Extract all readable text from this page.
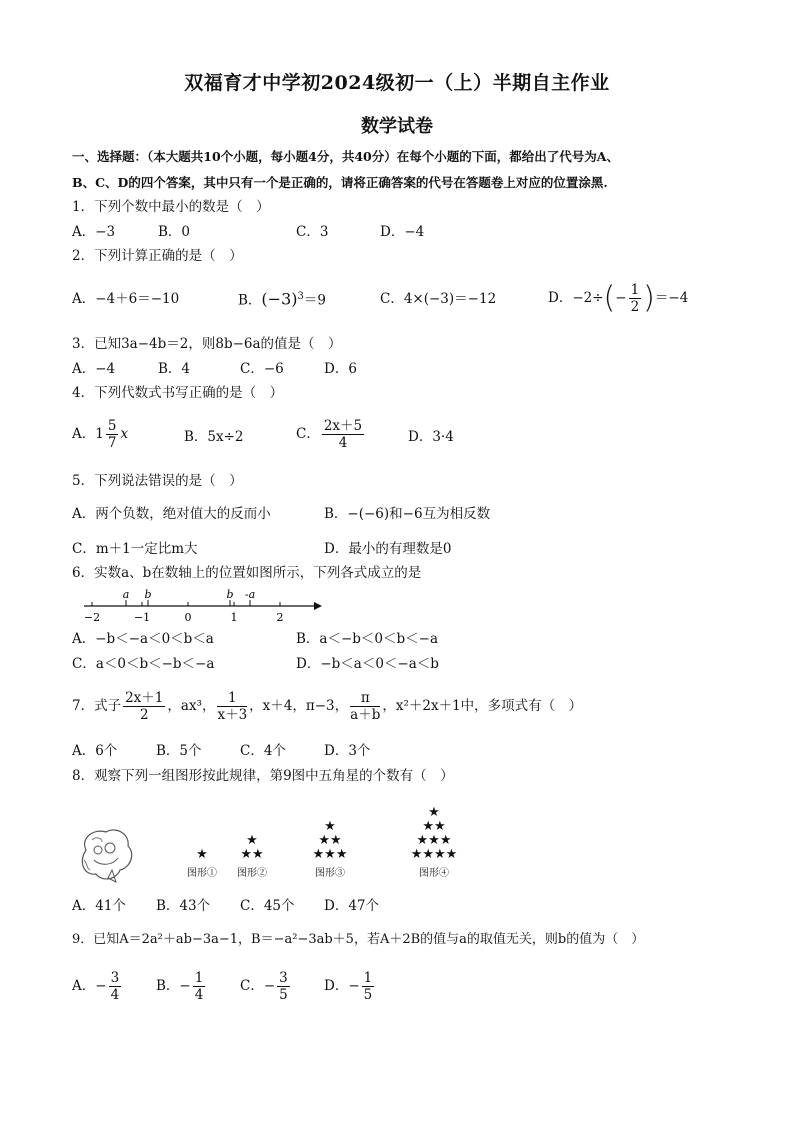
双福育才中学初2024级初一（上）半期自主作业
数学试卷
一、选择题：（本大题共10个小题，每小题4分，共40分）在每个小题的下面，都给出了代号为A、
B、C、D的四个答案，其中只有一个是正确的，请将正确答案的代号在答题卷上对应的位置涂黑.
1．下列个数中最小的数是（　）
A．−3	B．0	C．3	D．−4
2．下列计算正确的是（　）
A．−4＋6＝−10	B．$(-3)^3=9$	C．4×(−3)＝−12	D．$-2\div(- \frac{1}{2} )=-4$
3．已知3a−4b＝2，则8b−6a的值是（　）
A．−4	B．4	C．−6	D．6
4．下列代数式书写正确的是（　）
A．$1 \frac{5}{7}$ x	B．5x÷2	C． $\frac{2x+5}{4}$	D．3·4
5．下列说法错误的是（　）
A．两个负数，绝对值大的反而小	B．−(−6)和−6互为相反数
C．m＋1一定比m大	D．最小的有理数是0
6．实数a、b在数轴上的位置如图所示，下列各式成立的是
−2	−1	0	1	2
a b	b -a
A．−b＜−a＜0＜b＜a	B．a＜−b＜0＜b＜−a
C．a＜0＜b＜−b＜−a	D．−b＜a＜0＜−a＜b
7．式子 $\frac{2x+1}{2}$ ，ax³， $\frac{1}{x+3}$ ，x＋4，π−3， $\frac{\pi}{a+b}$ ，x²＋2x＋1中，多项式有（　）
A．6个	B．5个	C．4个	D．3个
8．观察下列一组图形按此规律，第9图中五角星的个数有（　）
★
图形①
★
★★
图形②
★
★★
★★★
图形③
★
★★
★★★
★★★★
图形④
A．41个 B．43个 C．45个 D．47个
9．已知A＝2a²＋ab−3a−1，B＝−a²−3ab＋5，若A＋2B的值与a的取值无关，则b的值为（　）
A．− $\frac{3}{4}$	B．− $\frac{1}{4}$	C．− $\frac{3}{5}$	D．− $\frac{1}{5}$
